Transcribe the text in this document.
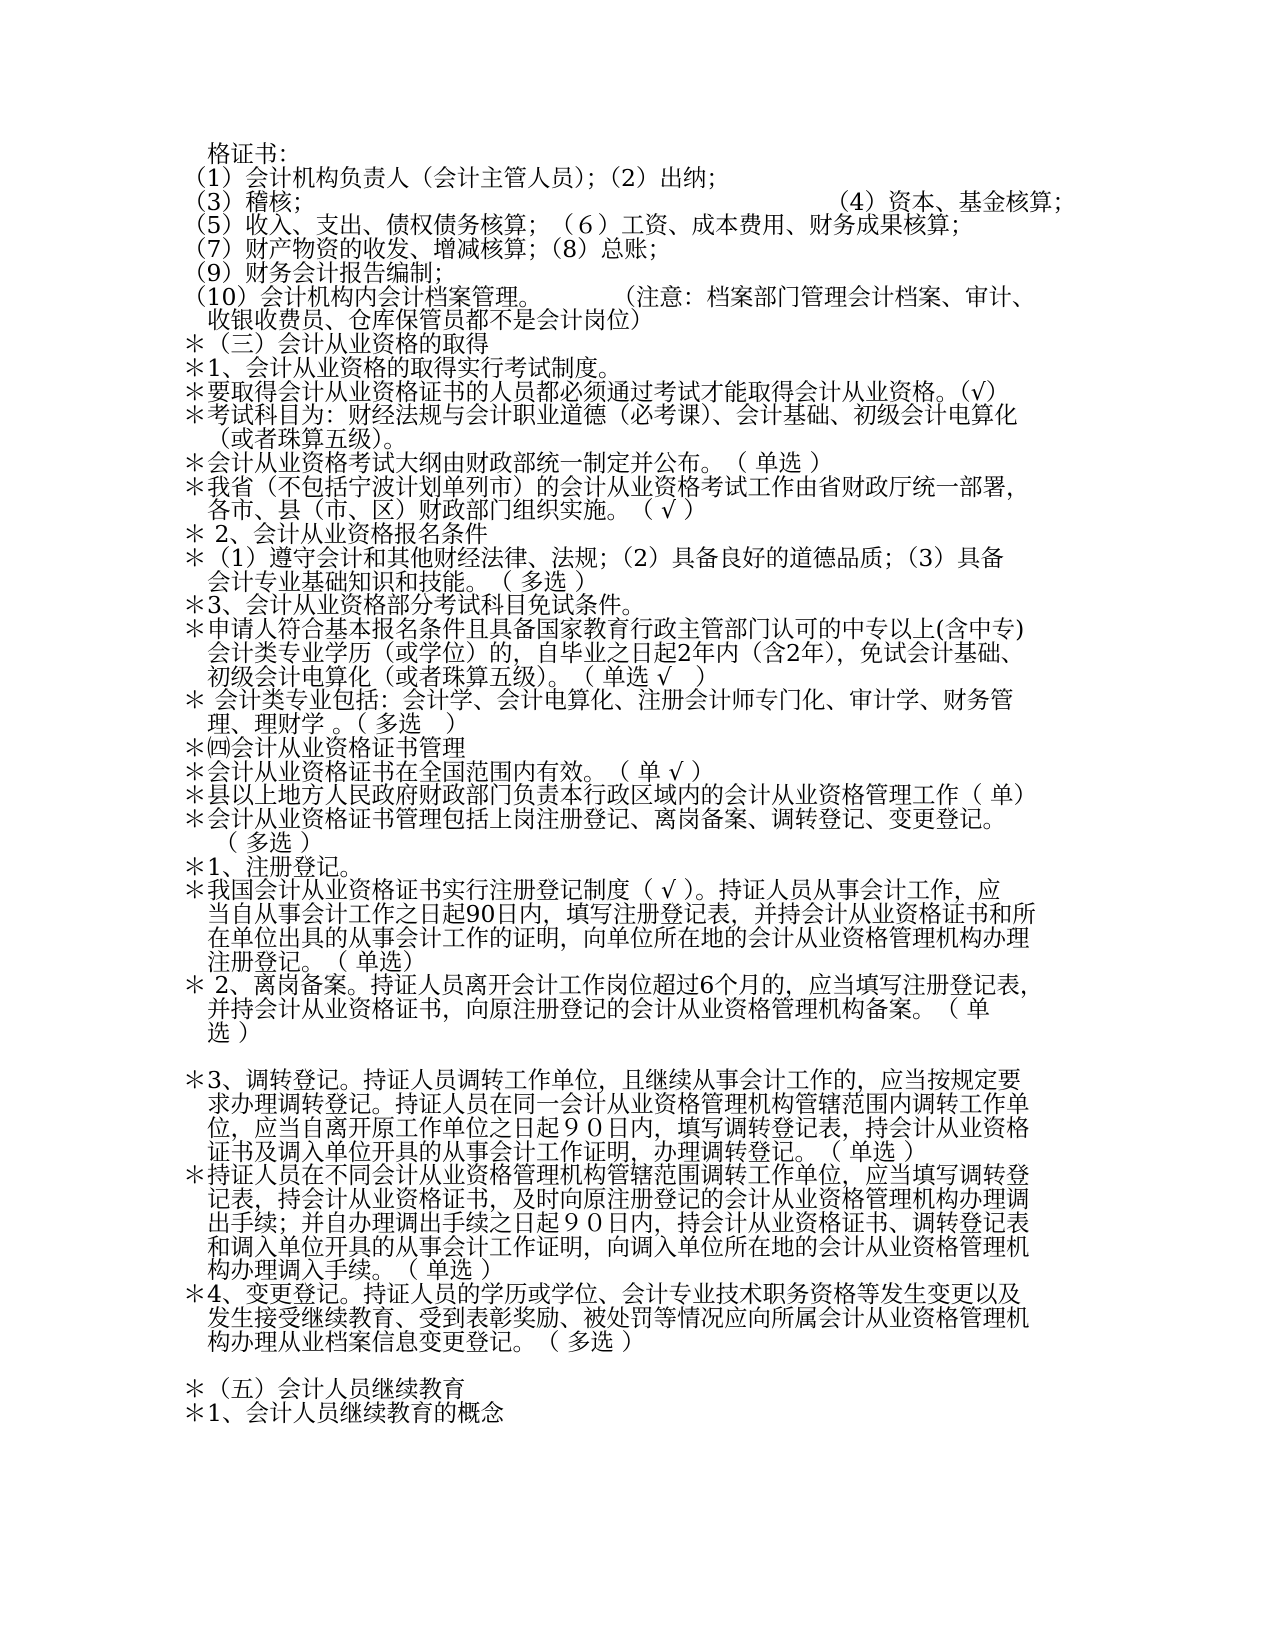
格证书：
（1）会计机构负责人（会计主管人员）；（2）出纳；
（3）稽核；	（4）资本、基金核算；
（5）收入、支出、债权债务核算；　（６）工资、成本费用、财务成果核算；
（7）财产物资的收发、增减核算；（8）总账；
（9）财务会计报告编制；
（10）会计机构内会计档案管理。　　　　（注意：档案部门管理会计档案、审计、
收银收费员、仓库保管员都不是会计岗位）
＊ （三）会计从业资格的取得
＊ 1、会计从业资格的取得实行考试制度。
＊ 要取得会计从业资格证书的人员都必须通过考试才能取得会计从业资格。（√）
＊ 考试科目为：财经法规与会计职业道德（必考课）、会计基础、初级会计电算化
（或者珠算五级）。
＊ 会计从业资格考试大纲由财政部统一制定并公布。　（ 单选 ）
＊ 我省（不包括宁波计划单列市）的会计从业资格考试工作由省财政厅统一部署，
各市、县（市、区）财政部门组织实施。　（ √ ）
＊ 2、会计从业资格报名条件
＊ （1）遵守会计和其他财经法律、法规；（2）具备良好的道德品质；（3）具备
会计专业基础知识和技能。　（ 多选 ）
＊ 3、会计从业资格部分考试科目免试条件。
＊ 申请人符合基本报名条件且具备国家教育行政主管部门认可的中专以上(含中专)
会计类专业学历（或学位）的，自毕业之日起2年内（含2年），免试会计基础、
初级会计电算化（或者珠算五级）。　（ 单选 √　）
＊ 会计类专业包括：会计学、会计电算化、注册会计师专门化、审计学、财务管
理、理财学 。（ 多选　）
＊ ㈣会计从业资格证书管理
＊ 会计从业资格证书在全国范围内有效。　（ 单 √ ）
＊ 县以上地方人民政府财政部门负责本行政区域内的会计从业资格管理工作（ 单）
＊ 会计从业资格证书管理包括上岗注册登记、离岗备案、调转登记、变更登记。
（ 多选 ）
＊ 1、注册登记。
＊ 我国会计从业资格证书实行注册登记制度（ √ ）。持证人员从事会计工作，应
当自从事会计工作之日起90日内，填写注册登记表，并持会计从业资格证书和所
在单位出具的从事会计工作的证明，向单位所在地的会计从业资格管理机构办理
注册登记。　（ 单选）
＊ 2、离岗备案。持证人员离开会计工作岗位超过6个月的，应当填写注册登记表，
并持会计从业资格证书，向原注册登记的会计从业资格管理机构备案。　（ 单
选 ）
＊ 3、调转登记。持证人员调转工作单位，且继续从事会计工作的，应当按规定要
求办理调转登记。持证人员在同一会计从业资格管理机构管辖范围内调转工作单
位，应当自离开原工作单位之日起９０日内，填写调转登记表，持会计从业资格
证书及调入单位开具的从事会计工作证明，办理调转登记。　（ 单选 ）
＊ 持证人员在不同会计从业资格管理机构管辖范围调转工作单位，应当填写调转登
记表，持会计从业资格证书，及时向原注册登记的会计从业资格管理机构办理调
出手续；并自办理调出手续之日起９０日内，持会计从业资格证书、调转登记表
和调入单位开具的从事会计工作证明，向调入单位所在地的会计从业资格管理机
构办理调入手续。　（ 单选 ）
＊ 4、变更登记。持证人员的学历或学位、会计专业技术职务资格等发生变更以及
发生接受继续教育、受到表彰奖励、被处罚等情况应向所属会计从业资格管理机
构办理从业档案信息变更登记。　（ 多选 ）
＊ （五）会计人员继续教育
＊ 1、会计人员继续教育的概念
